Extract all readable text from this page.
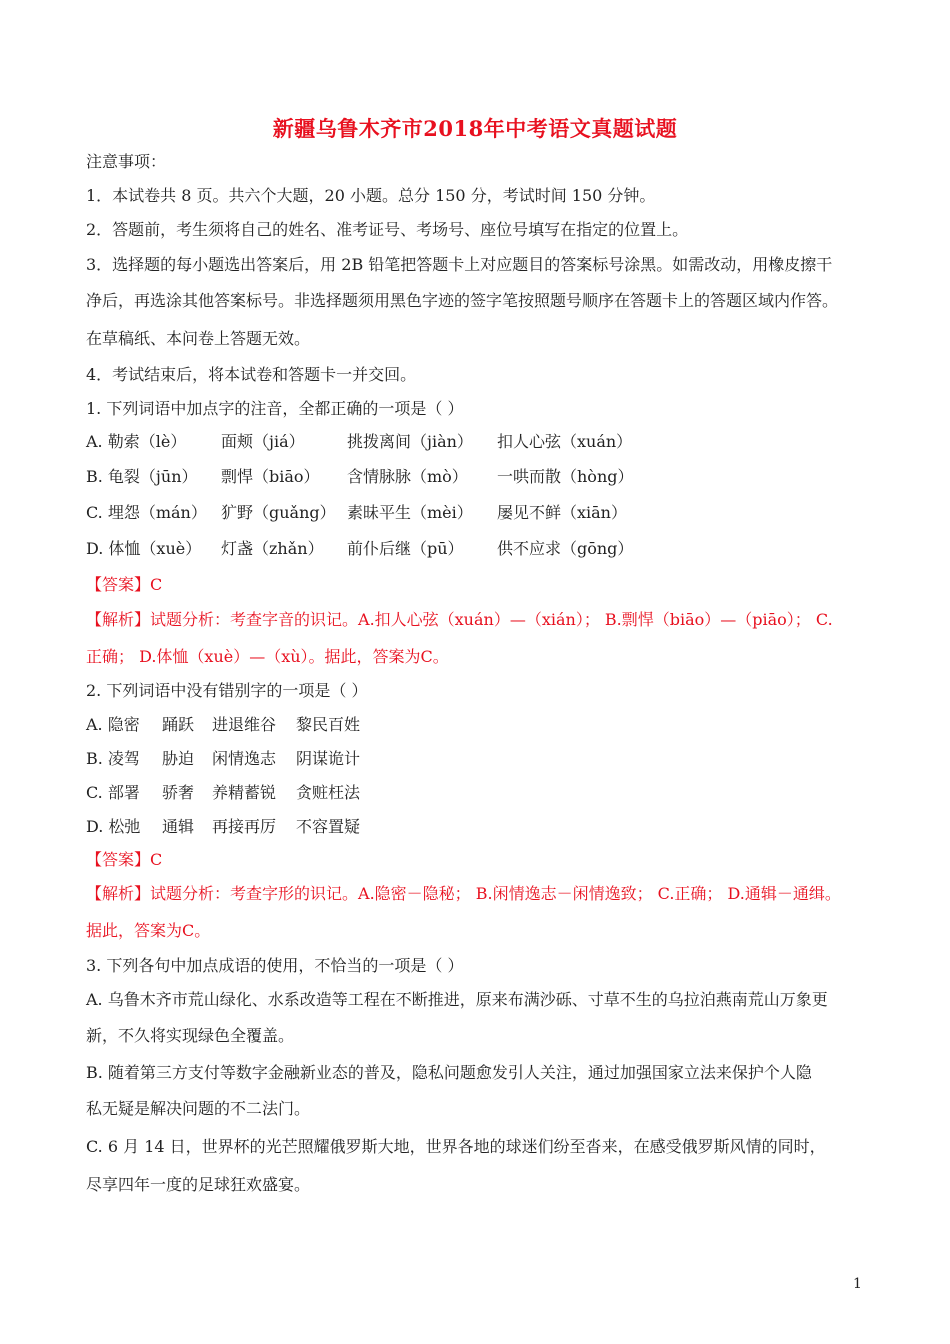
新疆乌鲁木齐市2018年中考语文真题试题
注意事项：
1．本试卷共 8 页。共六个大题，20 小题。总分 150 分，考试时间 150 分钟。
2．答题前，考生须将自己的姓名、准考证号、考场号、座位号填写在指定的位置上。
3．选择题的每小题选出答案后，用 2B 铅笔把答题卡上对应题目的答案标号涂黑。如需改动，用橡皮擦干
净后，再选涂其他答案标号。非选择题须用黑色字迹的签字笔按照题号顺序在答题卡上的答题区域内作答。
在草稿纸、本问卷上答题无效。
4．考试结束后，将本试卷和答题卡一并交回。
1. 下列词语中加点字的注音，全都正确的一项是（ ）
A. 勒索（lè） 面颊（jiá）	挑拨离间（jiàn） 扣人心弦（xuán）
B. 龟裂（jūn） 剽悍（biāo） 含情脉脉（mò） 一哄而散（hòng）
C. 埋怨（mán） 犷野（guǎng） 素昧平生（mèi） 屡见不鲜（xiān）
D. 体恤（xuè） 灯盏（zhǎn） 前仆后继（pū） 供不应求（gōng）
【答案】C
【解析】试题分析：考查字音的识记。A.扣人心弦（xuán）—（xián）； B.剽悍（biāo）—（piāo）； C.
正确； D.体恤（xuè）—（xù）。据此，答案为C。
2. 下列词语中没有错别字的一项是（ ）
A. 隐密 踊跃 进退维谷 黎民百姓
B. 凌驾 胁迫 闲情逸志 阴谋诡计
C. 部署 骄奢 养精蓄锐 贪赃枉法
D. 松弛 通辑 再接再厉 不容置疑
【答案】C
【解析】试题分析：考查字形的识记。A.隐密－隐秘； B.闲情逸志－闲情逸致； C.正确； D.通辑－通缉。
据此，答案为C。
3. 下列各句中加点成语的使用，不恰当的一项是（ ）
A. 乌鲁木齐市荒山绿化、水系改造等工程在不断推进，原来布满沙砾、寸草不生的乌拉泊燕南荒山万象更
新，不久将实现绿色全覆盖。
B. 随着第三方支付等数字金融新业态的普及，隐私问题愈发引人关注，通过加强国家立法来保护个人隐
私无疑是解决问题的不二法门。
C. 6 月 14 日，世界杯的光芒照耀俄罗斯大地，世界各地的球迷们纷至沓来，在感受俄罗斯风情的同时，
尽享四年一度的足球狂欢盛宴。
1
